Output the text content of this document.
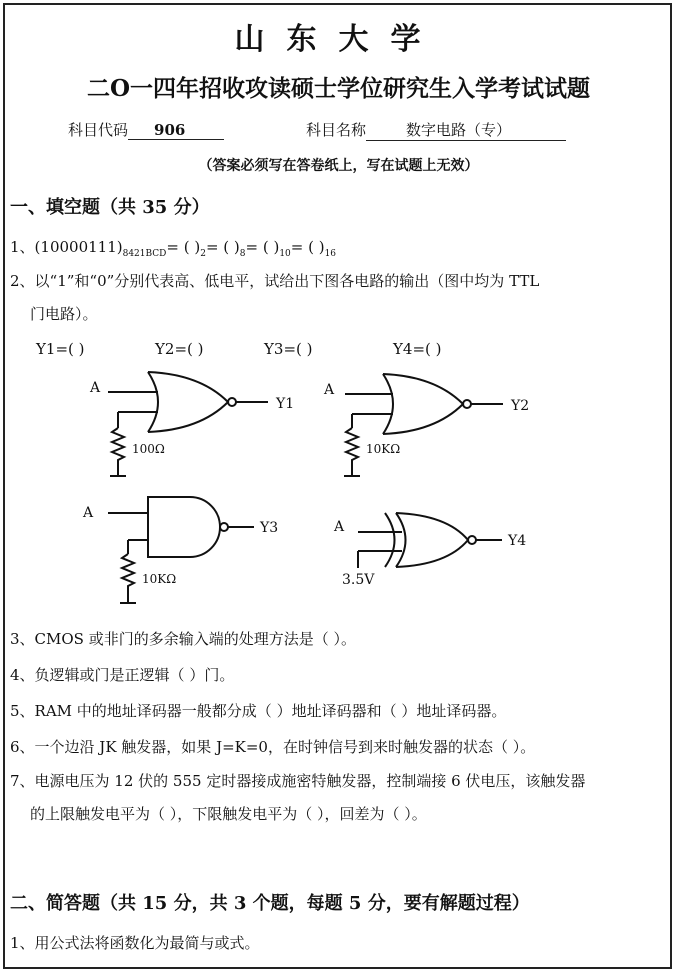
山东大学
二O一四年招收攻读硕士学位研究生入学考试试题
科目代码 906	科目名称	数字电路（专）
（答案必须写在答卷纸上，写在试题上无效）
一、填空题（共 35 分）
1、$(10000111)_{8421BCD}=$ ( )$_2=$ ( )$_8=$ ( )$_{10}=$ ( )$_{16}$
2、以“1”和“0”分别代表高、低电平，试给出下图各电路的输出（图中均为 TTL
门电路）。
Y1=( )	Y2=( )	Y3=( )	Y4=( )
A
Y1
100Ω
A
Y2
10KΩ
A
Y3
10KΩ
A
Y4
3.5V
3、CMOS 或非门的多余输入端的处理方法是（ ）。
4、负逻辑或门是正逻辑（ ）门。
5、RAM 中的地址译码器一般都分成（ ）地址译码器和（ ）地址译码器。
6、一个边沿 JK 触发器，如果 J=K=0，在时钟信号到来时触发器的状态（ ）。
7、电源电压为 12 伏的 555 定时器接成施密特触发器，控制端接 6 伏电压，该触发器
的上限触发电平为（ ），下限触发电平为（ ），回差为（ ）。
二、简答题（共 15 分，共 3 个题，每题 5 分，要有解题过程）
1、用公式法将函数化为最简与或式。
